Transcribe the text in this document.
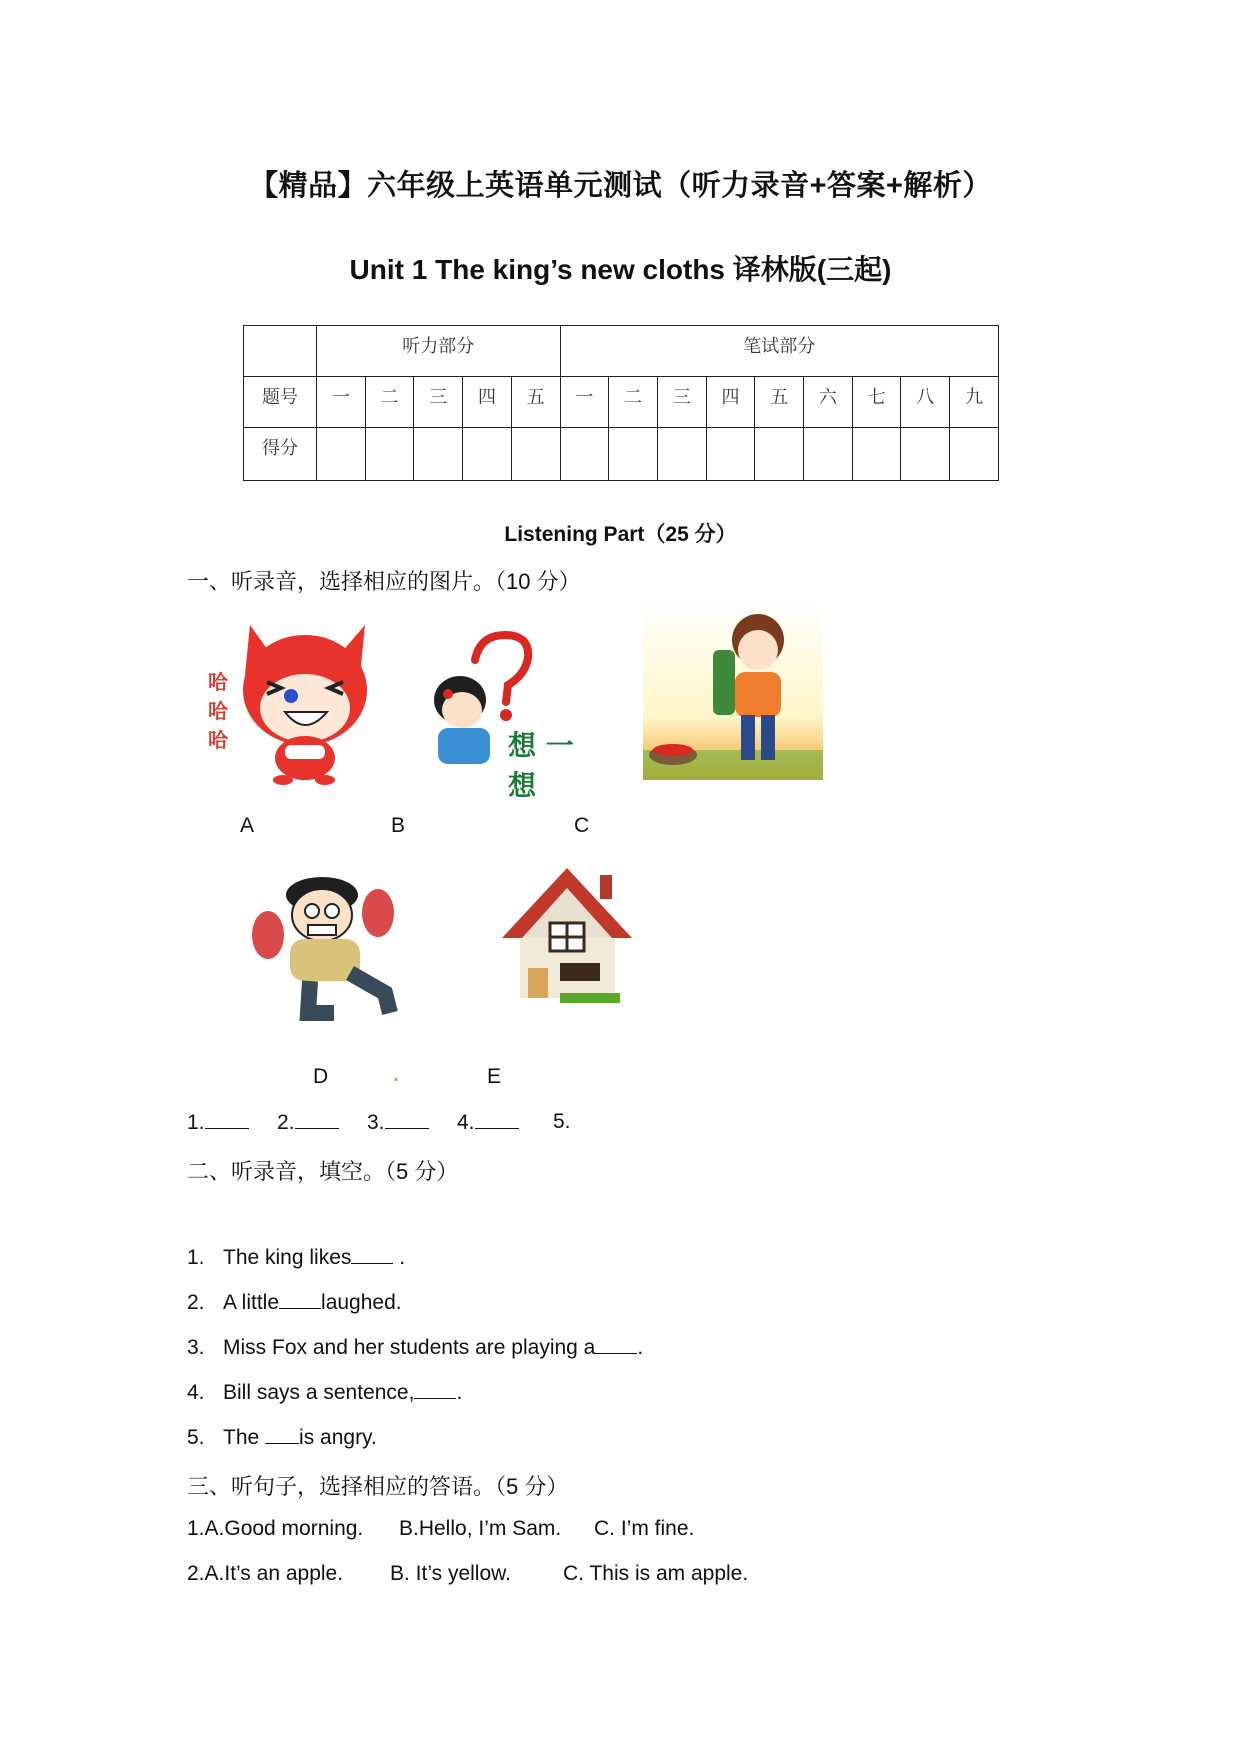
【精品】六年级上英语单元测试（听力录音+答案+解析）
Unit 1 The king’s new cloths 译林版(三起)
	听力部分					笔试部分								
题号	一	二	三	四	五	一	二	三	四	五	六	七	八	九
得分														
Listening Part（25 分）
一、听录音，选择相应的图片。（10 分）
哈
哈
哈	想 一 想
A	B	C
D	.	E
1.	2.	3.	4.	5.
二、听录音，填空。（5 分）
1. The king likes .
2. A little laughed.
3. Miss Fox and her students are playing a .
4. Bill says a sentence, .
5. The is angry.
三、听句子，选择相应的答语。（5 分）
1.A.Good morning. B.Hello, I’m Sam. C. I’m fine.
2.A.It’s an apple. B. It’s yellow. C. This is am apple.
